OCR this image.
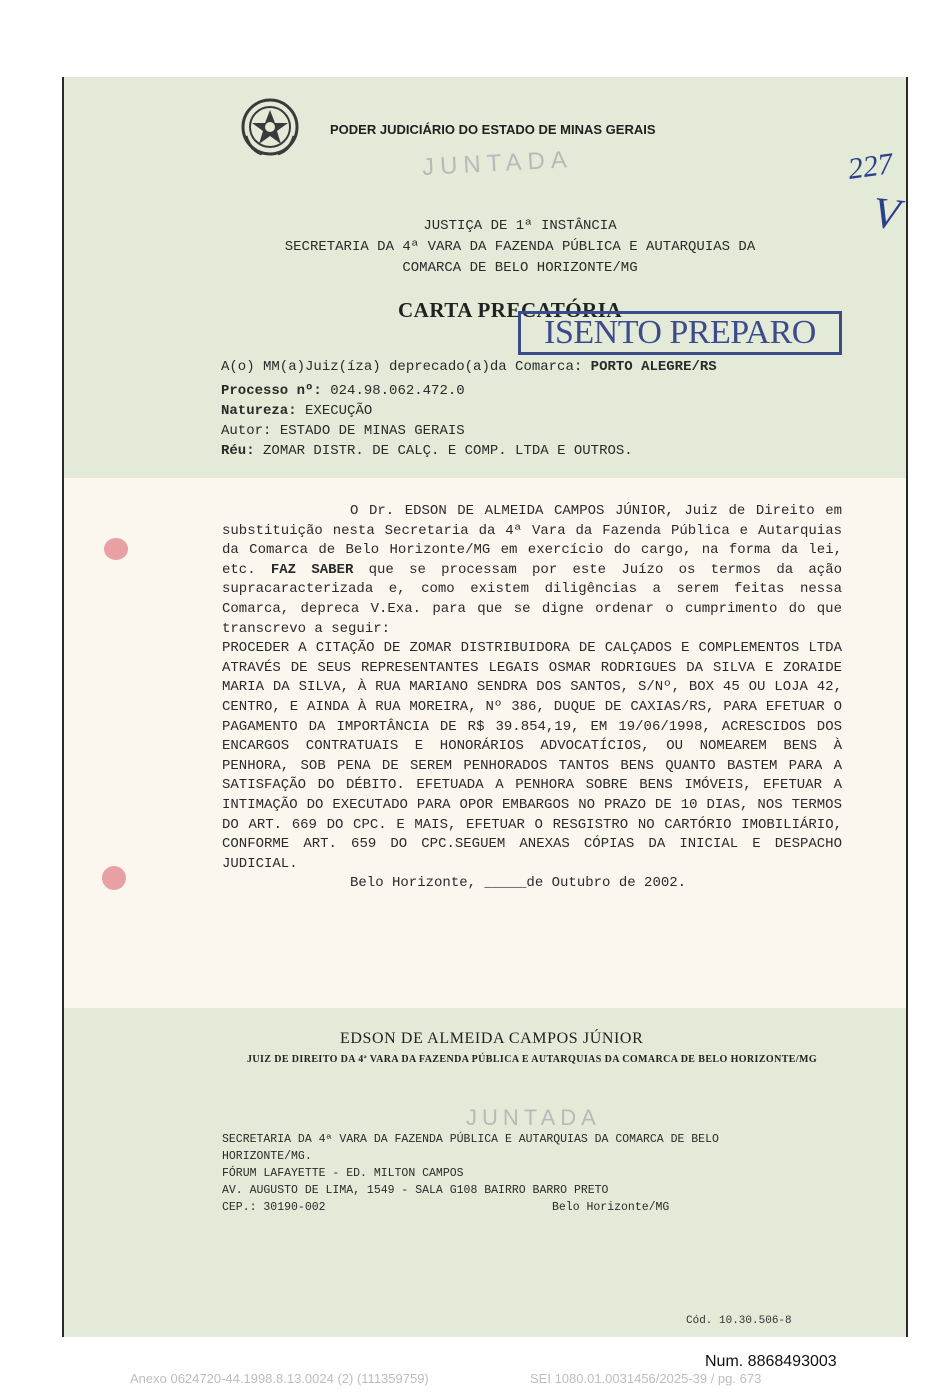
PODER JUDICIÁRIO DO ESTADO DE MINAS GERAIS
JUNTADA	227
V
JUSTIÇA DE 1ª INSTÂNCIA
SECRETARIA DA 4ª VARA DA FAZENDA PÚBLICA E AUTARQUIAS DA
COMARCA DE BELO HORIZONTE/MG
CARTA PRECATÓRIA
ISENTO PREPARO
A(o) MM(a)Juiz(íza) deprecado(a)da Comarca: PORTO ALEGRE/RS
Processo nº: 024.98.062.472.0
Natureza: EXECUÇÃO
Autor: ESTADO DE MINAS GERAIS
Réu: ZOMAR DISTR. DE CALÇ. E COMP. LTDA E OUTROS.

O Dr. EDSON DE ALMEIDA CAMPOS JÚNIOR, Juiz de Direito em substituição nesta Secretaria da 4ª Vara da Fazenda Pública e Autarquias da Comarca de Belo Horizonte/MG em exercício do cargo, na forma da lei, etc. FAZ SABER que se processam por este Juízo os termos da ação supracaracterizada e, como existem diligências a serem feitas nessa Comarca, depreca V.Exa. para que se digne ordenar o cumprimento do que transcrevo a seguir:

PROCEDER A CITAÇÃO DE ZOMAR DISTRIBUIDORA DE CALÇADOS E COMPLEMENTOS LTDA ATRAVÉS DE SEUS REPRESENTANTES LEGAIS OSMAR RODRIGUES DA SILVA E ZORAIDE MARIA DA SILVA, À RUA MARIANO SENDRA DOS SANTOS, S/Nº, BOX 45 OU LOJA 42, CENTRO, E AINDA À RUA MOREIRA, Nº 386, DUQUE DE CAXIAS/RS, PARA EFETUAR O PAGAMENTO DA IMPORTÂNCIA DE R$ 39.854,19, EM 19/06/1998, ACRESCIDOS DOS ENCARGOS CONTRATUAIS E HONORÁRIOS ADVOCATÍCIOS, OU NOMEAREM BENS À PENHORA, SOB PENA DE SEREM PENHORADOS TANTOS BENS QUANTO BASTEM PARA A SATISFAÇÃO DO DÉBITO. EFETUADA A PENHORA SOBRE BENS IMÓVEIS, EFETUAR A INTIMAÇÃO DO EXECUTADO PARA OPOR EMBARGOS NO PRAZO DE 10 DIAS, NOS TERMOS DO ART. 669 DO CPC. E MAIS, EFETUAR O RESGISTRO NO CARTÓRIO IMOBILIÁRIO, CONFORME ART. 659 DO CPC.SEGUEM ANEXAS CÓPIAS DA INICIAL E DESPACHO JUDICIAL.

Belo Horizonte, _____de Outubro de 2002.

EDSON DE ALMEIDA CAMPOS JÚNIOR
JUIZ DE DIREITO DA 4ª VARA DA FAZENDA PÚBLICA E AUTARQUIAS DA COMARCA DE BELO HORIZONTE/MG
JUNTADA
SECRETARIA DA 4ª VARA DA FAZENDA PÚBLICA E AUTARQUIAS DA COMARCA DE BELO
HORIZONTE/MG.
FÓRUM LAFAYETTE - ED. MILTON CAMPOS
AV. AUGUSTO DE LIMA, 1549 - SALA G108 BAIRRO BARRO PRETO
CEP.: 30190-002	Belo Horizonte/MG
Cód. 10.30.506-8
Num. 8868493003
Anexo 0624720-44.1998.8.13.0024 (2) (111359759)	SEI 1080.01.0031456/2025-39 / pg. 673
